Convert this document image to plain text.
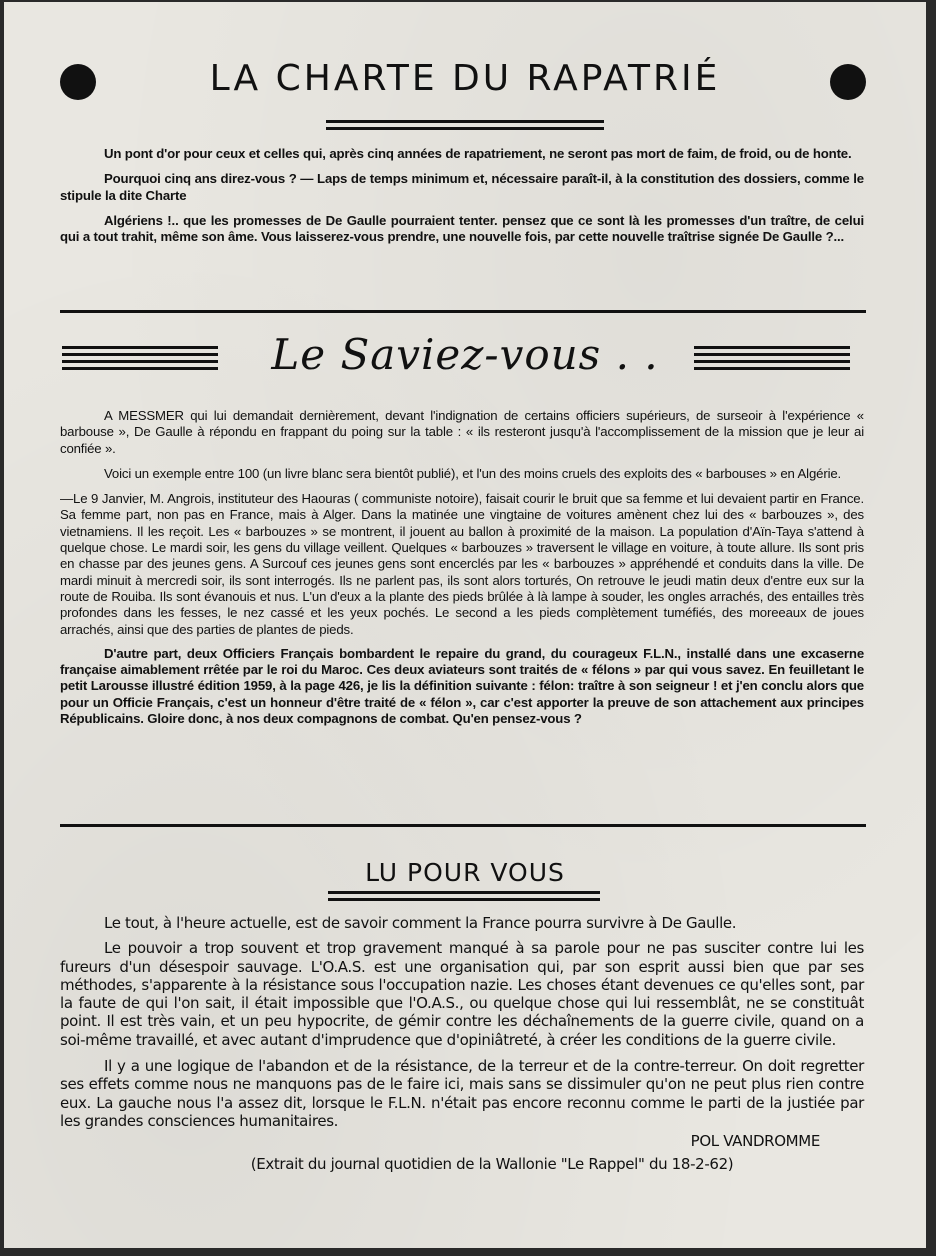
LA CHARTE DU RAPATRIÉ

Un pont d'or pour ceux et celles qui, après cinq années de rapatriement, ne seront pas mort de faim, de froid, ou de honte.

Pourquoi cinq ans direz-vous ? — Laps de temps minimum et, nécessaire paraît-il, à la constitution des dossiers, comme le stipule la dite Charte

Algériens !.. que les promesses de De Gaulle pourraient tenter. pensez que ce sont là les promesses d'un traître, de celui qui a tout trahit, même son âme. Vous laisserez-vous prendre, une nouvelle fois, par cette nouvelle traîtrise signée De Gaulle ?...

Le Saviez-vous . .

A MESSMER qui lui demandait dernièrement, devant l'indignation de certains officiers supérieurs, de surseoir à l'expérience « barbouse », De Gaulle à répondu en frappant du poing sur la table : « ils resteront jusqu'à l'accomplissement de la mission que je leur ai confiée ».

Voici un exemple entre 100 (un livre blanc sera bientôt publié), et l'un des moins cruels des exploits des « barbouses » en Algérie.

—Le 9 Janvier, M. Angrois, instituteur des Haouras ( communiste notoire), faisait courir le bruit que sa femme et lui devaient partir en France. Sa femme part, non pas en France, mais à Alger. Dans la matinée une vingtaine de voitures amènent chez lui des « barbouzes », des vietnamiens. Il les reçoit. Les « barbouzes » se montrent, il jouent au ballon à proximité de la maison. La population d'Aïn-Taya s'attend à quelque chose. Le mardi soir, les gens du village veillent. Quelques « barbouzes » traversent le village en voiture, à toute allure. Ils sont pris en chasse par des jeunes gens. A Surcouf ces jeunes gens sont encerclés par les « barbouzes » appréhendé et conduits dans la ville. De mardi minuit à mercredi soir, ils sont interrogés. Ils ne parlent pas, ils sont alors torturés, On retrouve le jeudi matin deux d'entre eux sur la route de Rouiba. Ils sont évanouis et nus. L'un d'eux a la plante des pieds brûlée à là lampe à souder, les ongles arrachés, des entailles très profondes dans les fesses, le nez cassé et les yeux pochés. Le second a les pieds complètement tuméfiés, des moreeaux de joues arrachés, ainsi que des parties de plantes de pieds.

D'autre part, deux Officiers Français bombardent le repaire du grand, du courageux F.L.N., installé dans une excaserne française aimablement rrêtée par le roi du Maroc. Ces deux aviateurs sont traités de « félons » par qui vous savez. En feuilletant le petit Larousse illustré édition 1959, à la page 426, je lis la définition suivante : félon: traître à son seigneur ! et j'en conclu alors que pour un Officie Français, c'est un honneur d'être traité de « félon », car c'est apporter la preuve de son attachement aux principes Républicains. Gloire donc, à nos deux compagnons de combat. Qu'en pensez-vous ?

LU POUR VOUS

Le tout, à l'heure actuelle, est de savoir comment la France pourra survivre à De Gaulle.

Le pouvoir a trop souvent et trop gravement manqué à sa parole pour ne pas susciter contre lui les fureurs d'un désespoir sauvage. L'O.A.S. est une organisation qui, par son esprit aussi bien que par ses méthodes, s'apparente à la résistance sous l'occupation nazie. Les choses étant devenues ce qu'elles sont, par la faute de qui l'on sait, il était impossible que l'O.A.S., ou quelque chose qui lui ressemblât, ne se constituât point. Il est très vain, et un peu hypocrite, de gémir contre les déchaînements de la guerre civile, quand on a soi-même travaillé, et avec autant d'imprudence que d'opiniâtreté, à créer les conditions de la guerre civile.

Il y a une logique de l'abandon et de la résistance, de la terreur et de la contre-terreur. On doit regretter ses effets comme nous ne manquons pas de le faire ici, mais sans se dissimuler qu'on ne peut plus rien contre eux. La gauche nous l'a assez dit, lorsque le F.L.N. n'était pas encore reconnu comme le parti de la justiée par les grandes consciences humanitaires.

POL VANDROMME

(Extrait du journal quotidien de la Wallonie "Le Rappel" du 18-2-62)
